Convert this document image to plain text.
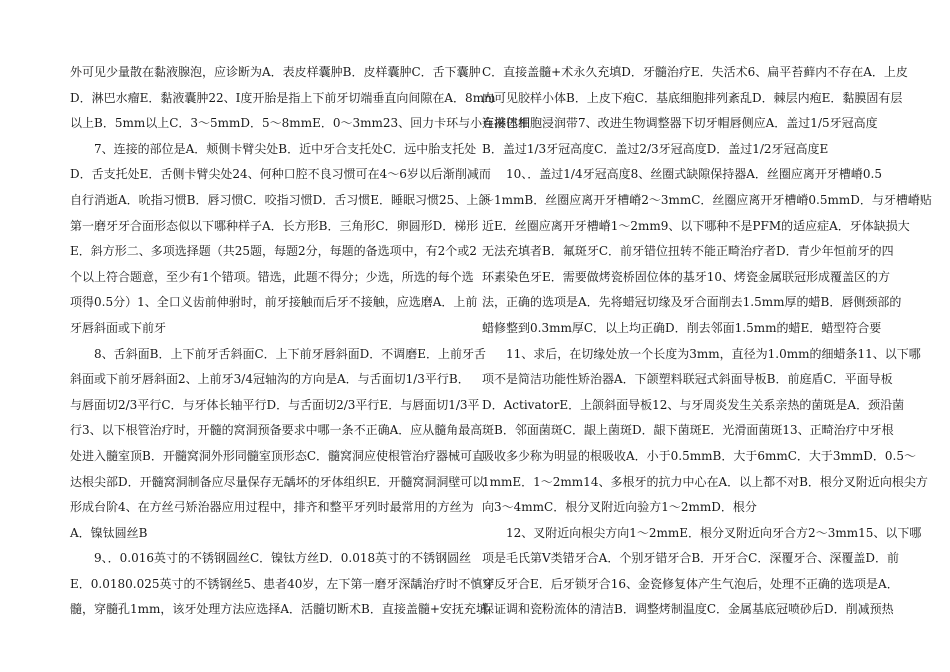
外可见少量散在黏液腺泡，应诊断为A．表皮样囊肿B．皮样囊肿C．舌下囊肿
D．淋巴水瘤E．黏液囊肿22、Ⅰ度开胎是指上下前牙切端垂直向间隙在A．8mm
以上B．5mm以上C．3～5mmD．5～8mmE．0～3mm23、回力卡环与小连接体相
7、连接的部位是A．颊侧卡臂尖处B．近中牙合支托处C．远中胎支托处
D．舌支托处E．舌侧卡臂尖处24、何种口腔不良习惯可在4～6岁以后渐削减而
自行消逝A．吮指习惯B．唇习惯C．咬指习惯D．舌习惯E．睡眠习惯25、上颌
第一磨牙牙合面形态似以下哪种样子A．长方形B．三角形C．卵圆形D．梯形
E．斜方形二、多项选择题（共25题，每题2分，每题的备选项中，有2个或2
个以上符合题意，至少有1个错项。错选，此题不得分；少选，所选的每个选
项得0.5分）1、全口义齿前伸驸时，前牙接触而后牙不接触，应选磨A．上前
牙唇斜面或下前牙
8、舌斜面B．上下前牙舌斜面C．上下前牙唇斜面D．不调磨E．上前牙舌
斜面或下前牙唇斜面2、上前牙3/4冠轴沟的方向是A．与舌面切1/3平行B．
与唇面切2/3平行C．与牙体长轴平行D．与舌面切2/3平行E．与唇面切1/3平
行3、以下根管治疗时，开髓的窝洞预备要求中哪一条不正确A．应从髓角最高
处进入髓室顶B．开髓窝洞外形同髓室顶形态C．髓窝洞应使根管治疗器械可直
达根尖部D．开髓窝洞制备应尽量保存无龋坏的牙体组织E．开髓窝洞洞壁可以
形成台阶4、在方丝弓矫治器应用过程中，排齐和整平牙列时最常用的方丝为
A．镍钛圆丝B
9、．0.016英寸的不锈钢圆丝C．镍钛方丝D．0.018英寸的不锈钢圆丝
E．0.0180.025英寸的不锈钢丝5、患者40岁，左下第一磨牙深龋治疗时不慎穿
髓，穿髓孔1mm，该牙处理方法应选择A．活髓切断术B．直接盖髓+安抚充填
C．直接盖髓+术永久充填D．牙髓治疗E．失活术6、扁平苔藓内不存在A．上皮
内可见胶样小体B．上皮下疱C．基底细胞排列紊乱D．棘层内疱E．黏膜固有层
有淋巴细胞浸润带7、改进生物调整器下切牙帽唇侧应A．盖过1/5牙冠高度
B．盖过1/3牙冠高度C．盖过2/3牙冠高度D．盖过1/2牙冠高度E
10、．盖过1/4牙冠高度8、丝圈式缺隙保持器A．丝圈应离开牙槽嵴0.5
～1mmB．丝圈应离开牙槽嵴2～3mmC．丝圈应离开牙槽嵴0.5mmD．与牙槽嵴贴
近E．丝圈应离开牙槽嵴1～2mm9、以下哪种不是PFM的适应症A．牙体缺损大
无法充填者B．氟斑牙C．前牙错位扭转不能正畸治疗者D．青少年恒前牙的四
环素染色牙E．需要做烤瓷桥固位体的基牙10、烤瓷金属联冠形成覆盖区的方
法，正确的选项是A．先将蜡冠切缘及牙合面削去1.5mm厚的蜡B．唇侧颈部的
蜡修整到0.3mm厚C．以上均正确D．削去邻面1.5mm的蜡E．蜡型符合要
11、求后，在切缘处放一个长度为3mm，直径为1.0mm的细蜡条11、以下哪
项不是简洁功能性矫治器A．下颌塑料联冠式斜面导板B．前庭盾C．平面导板
D．ActivatorE．上颌斜面导板12、与牙周炎发生关系亲热的菌斑是A．颈沿菌
斑B．邻面菌斑C．龈上菌斑D．龈下菌斑E．光滑面菌斑13、正畸治疗中牙根
吸收多少称为明显的根吸收A．小于0.5mmB．大于6mmC．大于3mmD．0.5～
1mmE．1～2mm14、多根牙的抗力中心在A．以上都不对B．根分叉附近向根尖方
向3～4mmC．根分叉附近向验方1～2mmD．根分
12、叉附近向根尖方向1～2mmE．根分叉附近向牙合方2～3mm15、以下哪
项是毛氏第Ⅴ类错牙合A．个别牙错牙合B．开牙合C．深覆牙合、深覆盖D．前
牙反牙合E．后牙锁牙合16、金瓷修复体产生气泡后，处理不正确的选项是A．
保证调和瓷粉流体的清洁B．调整烤制温度C．金属基底冠喷砂后D．削减预热
